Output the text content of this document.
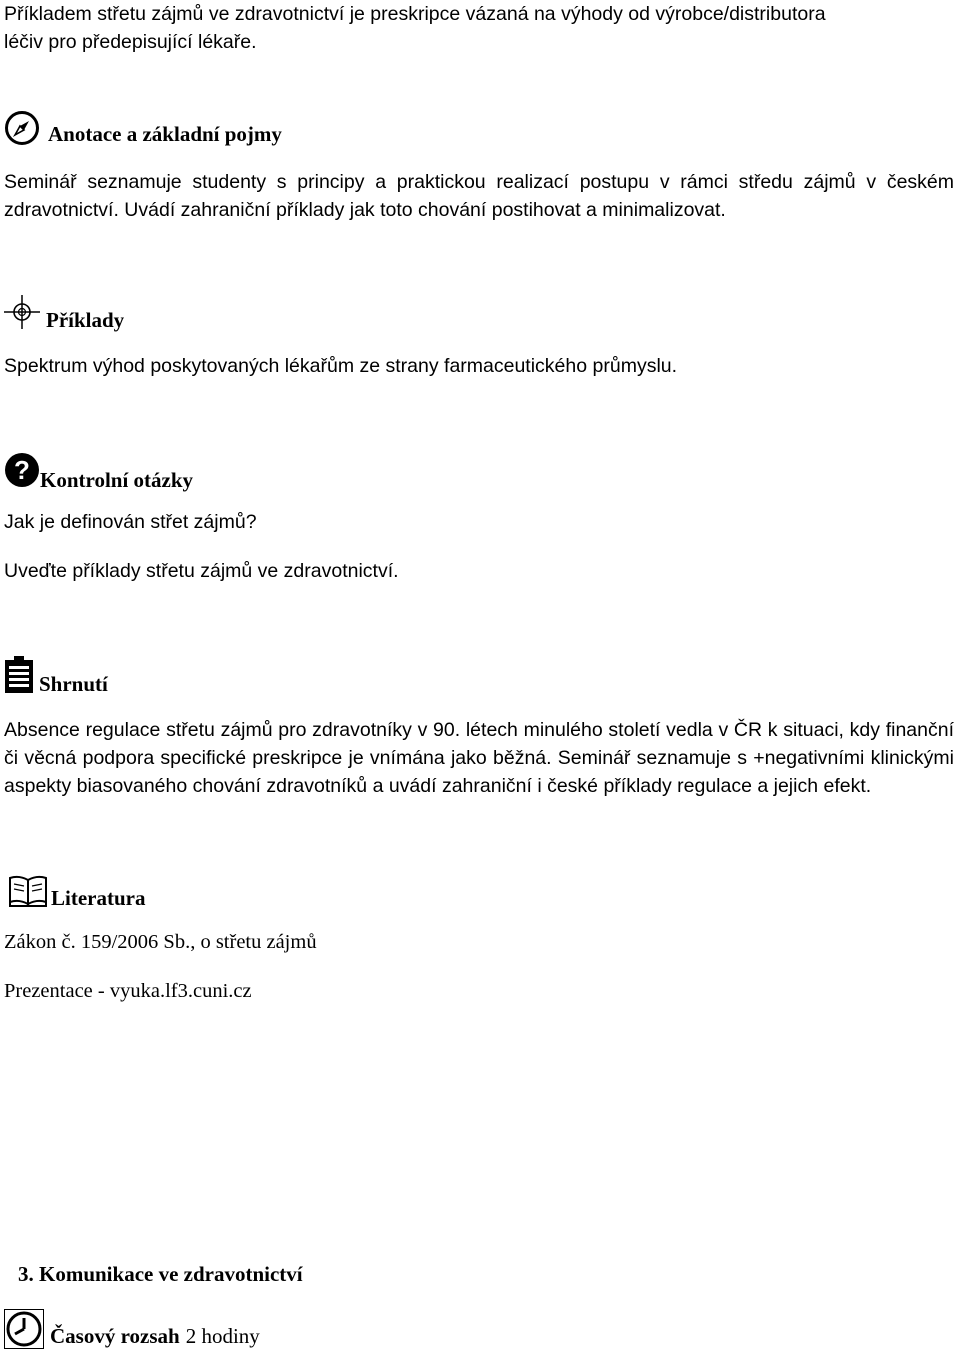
Příkladem střetu zájmů ve zdravotnictví je preskripce vázaná na výhody od výrobce/distributora
léčiv pro předepisující lékaře.
Anotace a základní pojmy
Seminář seznamuje studenty s principy a praktickou realizací postupu v rámci středu zájmů v českém zdravotnictví. Uvádí zahraniční příklady jak toto chování postihovat a minimalizovat.
Příklady
Spektrum výhod poskytovaných lékařům ze strany farmaceutického průmyslu.
? Kontrolní otázky
Jak je definován střet zájmů?
Uveďte příklady střetu zájmů ve zdravotnictví.
Shrnutí
Absence regulace střetu zájmů pro zdravotníky v 90. létech minulého století vedla v ČR k situaci, kdy finanční či věcná podpora specifické preskripce je vnímána jako běžná. Seminář seznamuje s +negativními klinickými aspekty biasovaného chování zdravotníků a uvádí zahraniční i české příklady regulace a jejich efekt.
Literatura
Zákon č. 159/2006 Sb., o střetu zájmů
Prezentace - vyuka.lf3.cuni.cz
3. Komunikace ve zdravotnictví
Časový rozsah 2 hodiny
